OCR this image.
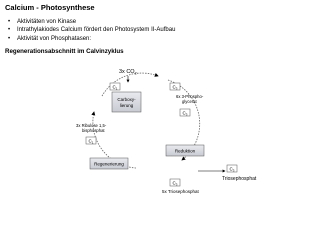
Calcium - Photosynthese
• Aktivitäten von Kinase
• Intrathylakiodes Calcium fördert den Photosystem II-Aufbau
• Aktivität von Phosphatasen:
Regenerationsabschnitt im Calvinzyklus
3x $CO_2$
Carboxy-
lierung
$C_1$	$C_3$
6x 3-Phospho-
glycerat
3x Ribulose 1,5-
bisphosphat
$C_1$
$C_3$
Reduktion
Regenerierung
$C_3$
Triosephosphat
$C_3$
5x Triosephosphat
